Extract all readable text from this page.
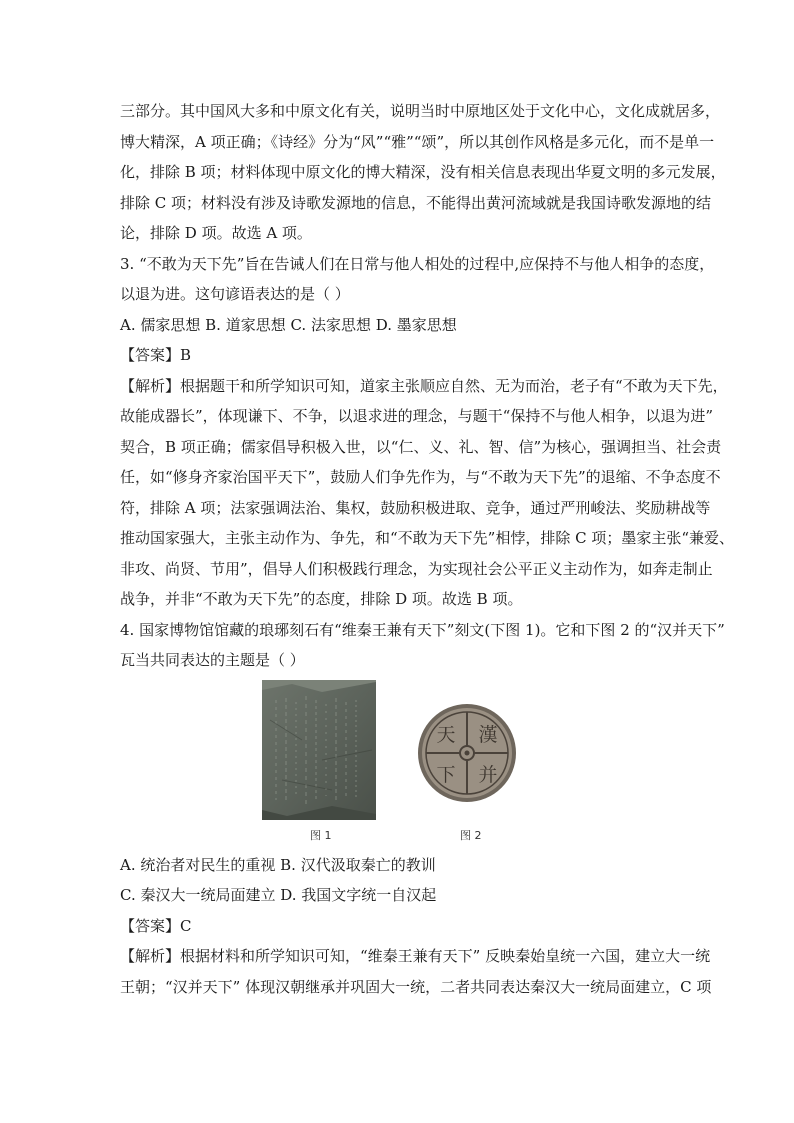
三部分。其中国风大多和中原文化有关，说明当时中原地区处于文化中心，文化成就居多，
博大精深，A 项正确；《诗经》分为“风”“雅”“颂”，所以其创作风格是多元化，而不是单一
化，排除 B 项；材料体现中原文化的博大精深，没有相关信息表现出华夏文明的多元发展，
排除 C 项；材料没有涉及诗歌发源地的信息，不能得出黄河流域就是我国诗歌发源地的结
论，排除 D 项。故选 A 项。
3. “不敢为天下先”旨在告诫人们在日常与他人相处的过程中,应保持不与他人相争的态度，
以退为进。这句谚语表达的是（ ）
A. 儒家思想 B. 道家思想 C. 法家思想 D. 墨家思想
【答案】B
【解析】根据题干和所学知识可知，道家主张顺应自然、无为而治，老子有“不敢为天下先，
故能成器长”，体现谦下、不争，以退求进的理念，与题干“保持不与他人相争，以退为进”
契合，B 项正确；儒家倡导积极入世，以“仁、义、礼、智、信”为核心，强调担当、社会责
任，如“修身齐家治国平天下”，鼓励人们争先作为，与“不敢为天下先”的退缩、不争态度不
符，排除 A 项；法家强调法治、集权，鼓励积极进取、竞争，通过严刑峻法、奖励耕战等
推动国家强大，主张主动作为、争先，和“不敢为天下先”相悖，排除 C 项；墨家主张“兼爱、
非攻、尚贤、节用”，倡导人们积极践行理念，为实现社会公平正义主动作为，如奔走制止
战争，并非“不敢为天下先”的态度，排除 D 项。故选 B 项。
4. 国家博物馆馆藏的琅琊刻石有“维秦王兼有天下”刻文(下图 1)。它和下图 2 的“汉并天下”
瓦当共同表达的主题是（ ）

天
下
漢
并
图 1	图 2

A. 统治者对民生的重视 B. 汉代汲取秦亡的教训
C. 秦汉大一统局面建立 D. 我国文字统一自汉起
【答案】C
【解析】根据材料和所学知识可知，“维秦王兼有天下” 反映秦始皇统一六国，建立大一统
王朝；“汉并天下” 体现汉朝继承并巩固大一统，二者共同表达秦汉大一统局面建立，C 项
